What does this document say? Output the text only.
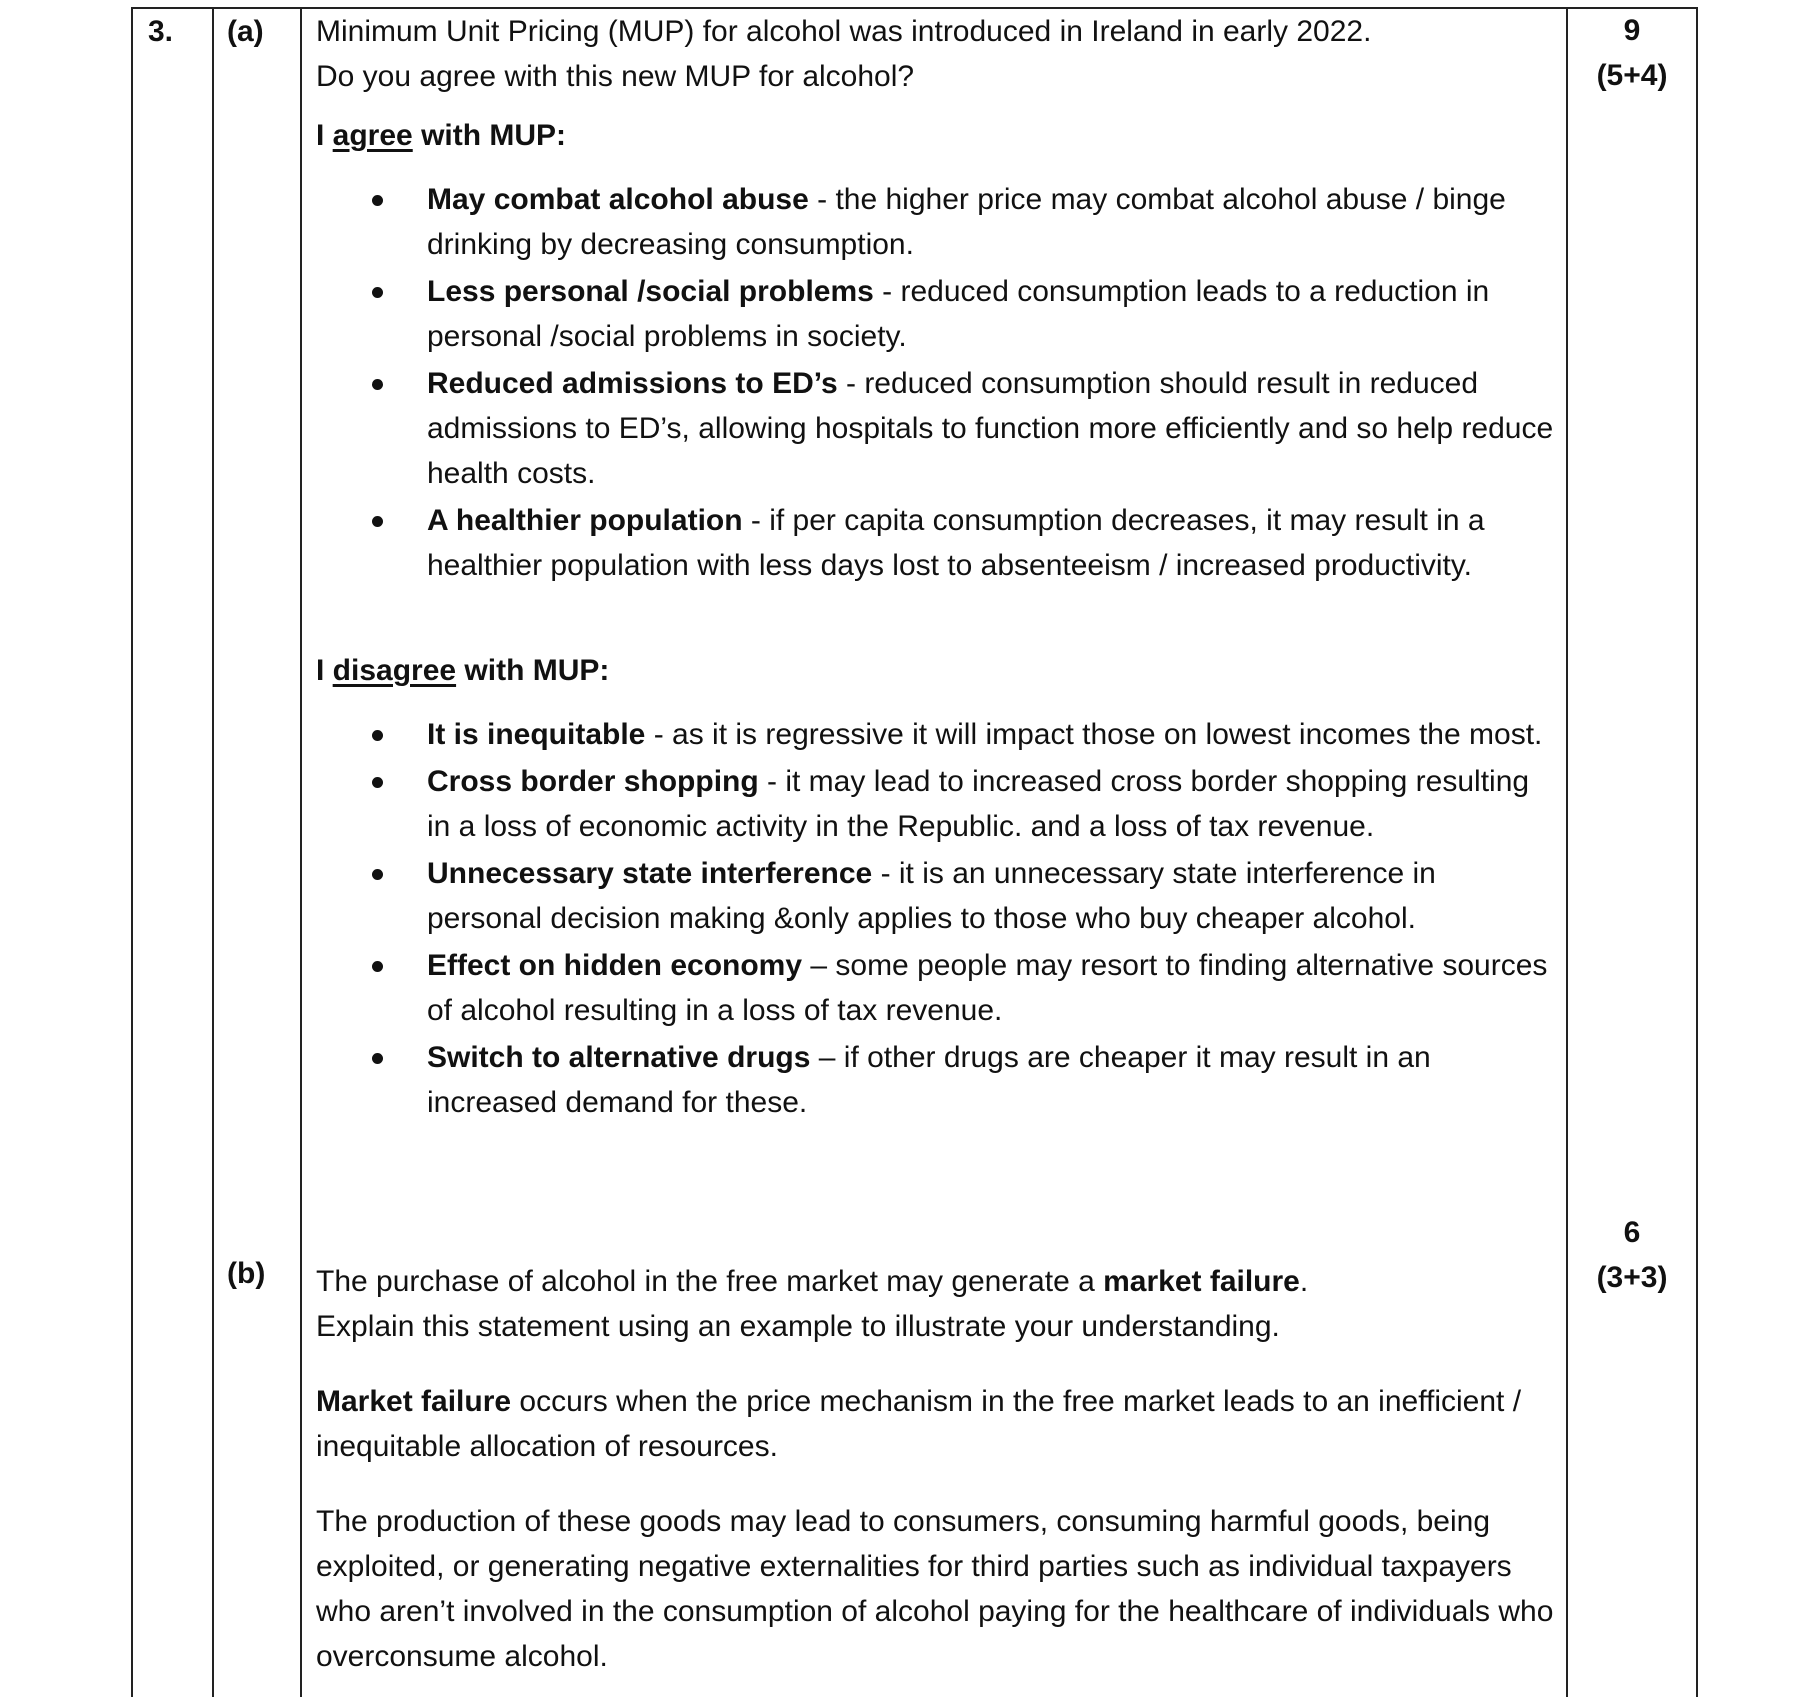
3. (a)
(b)
9
(5+4)
6
(3+3)

Minimum Unit Pricing (MUP) for alcohol was introduced in Ireland in early 2022.

Do you agree with this new MUP for alcohol?

I agree with MUP:
May combat alcohol abuse - the higher price may combat alcohol abuse / binge drinking by decreasing consumption.
Less personal /social problems - reduced consumption leads to a reduction in personal /social problems in society.
Reduced admissions to ED’s - reduced consumption should result in reduced admissions to ED’s, allowing hospitals to function more efficiently and so help reduce health costs.
A healthier population - if per capita consumption decreases, it may result in a healthier population with less days lost to absenteeism / increased productivity.
I disagree with MUP:
It is inequitable - as it is regressive it will impact those on lowest incomes the most.
Cross border shopping - it may lead to increased cross border shopping resulting in a loss of economic activity in the Republic. and a loss of tax revenue.
Unnecessary state interference - it is an unnecessary state interference in personal decision making &only applies to those who buy cheaper alcohol.
Effect on hidden economy – some people may resort to finding alternative sources of alcohol resulting in a loss of tax revenue.
Switch to alternative drugs – if other drugs are cheaper it may result in an increased demand for these.

The purchase of alcohol in the free market may generate a market failure.

Explain this statement using an example to illustrate your understanding.

Market failure occurs when the price mechanism in the free market leads to an inefficient / inequitable allocation of resources.

The production of these goods may lead to consumers, consuming harmful goods, being exploited, or generating negative externalities for third parties such as individual taxpayers who aren’t involved in the consumption of alcohol paying for the healthcare of individuals who overconsume alcohol.
